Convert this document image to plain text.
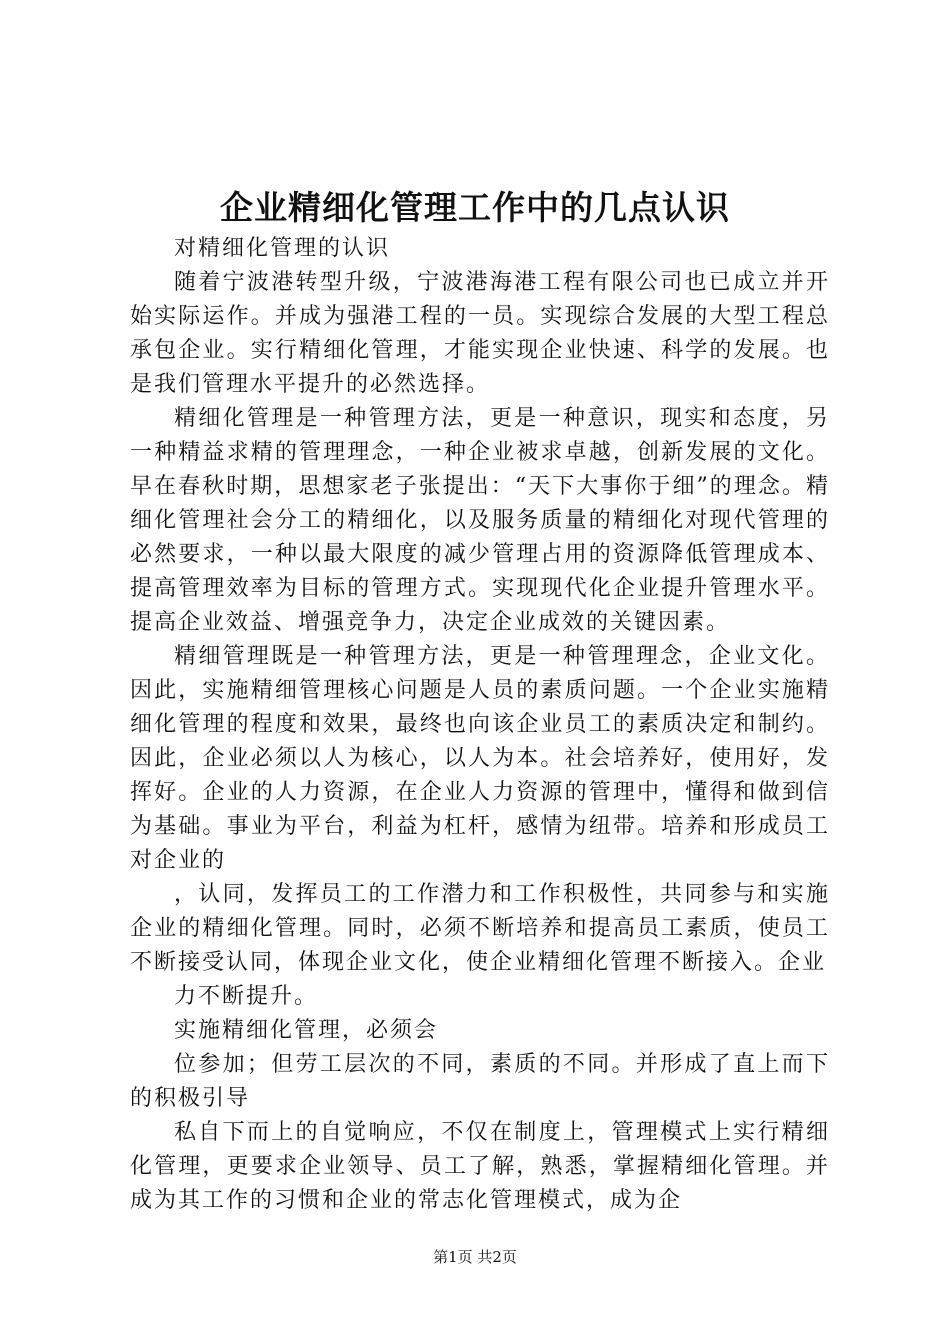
企业精细化管理工作中的几点认识

对精细化管理的认识

随着宁波港转型升级，宁波港海港工程有限公司也已成立并开始实际运作。并成为强港工程的一员。实现综合发展的大型工程总承包企业。实行精细化管理，才能实现企业快速、科学的发展。也是我们管理水平提升的必然选择。

精细化管理是一种管理方法，更是一种意识，现实和态度，另一种精益求精的管理理念，一种企业被求卓越，创新发展的文化。早在春秋时期，思想家老子张提出：“天下大事你于细”的理念。精细化管理社会分工的精细化，以及服务质量的精细化对现代管理的必然要求，一种以最大限度的减少管理占用的资源降低管理成本、提高管理效率为目标的管理方式。实现现代化企业提升管理水平。提高企业效益、增强竞争力，决定企业成效的关键因素。

精细管理既是一种管理方法，更是一种管理理念，企业文化。因此，实施精细管理核心问题是人员的素质问题。一个企业实施精细化管理的程度和效果，最终也向该企业员工的素质决定和制约。因此，企业必须以人为核心，以人为本。社会培养好，使用好，发挥好。企业的人力资源，在企业人力资源的管理中，懂得和做到信为基础。事业为平台，利益为杠杆，感情为纽带。培养和形成员工对企业的

，认同，发挥员工的工作潜力和工作积极性，共同参与和实施企业的精细化管理。同时，必须不断培养和提高员工素质，使员工不断接受认同，体现企业文化，使企业精细化管理不断接入。企业

力不断提升。

实施精细化管理，必须会

位参加；但劳工层次的不同，素质的不同。并形成了直上而下的积极引导

私自下而上的自觉响应，不仅在制度上，管理模式上实行精细化管理，更要求企业领导、员工了解，熟悉，掌握精细化管理。并成为其工作的习惯和企业的常志化管理模式，成为企

第1页 共2页
